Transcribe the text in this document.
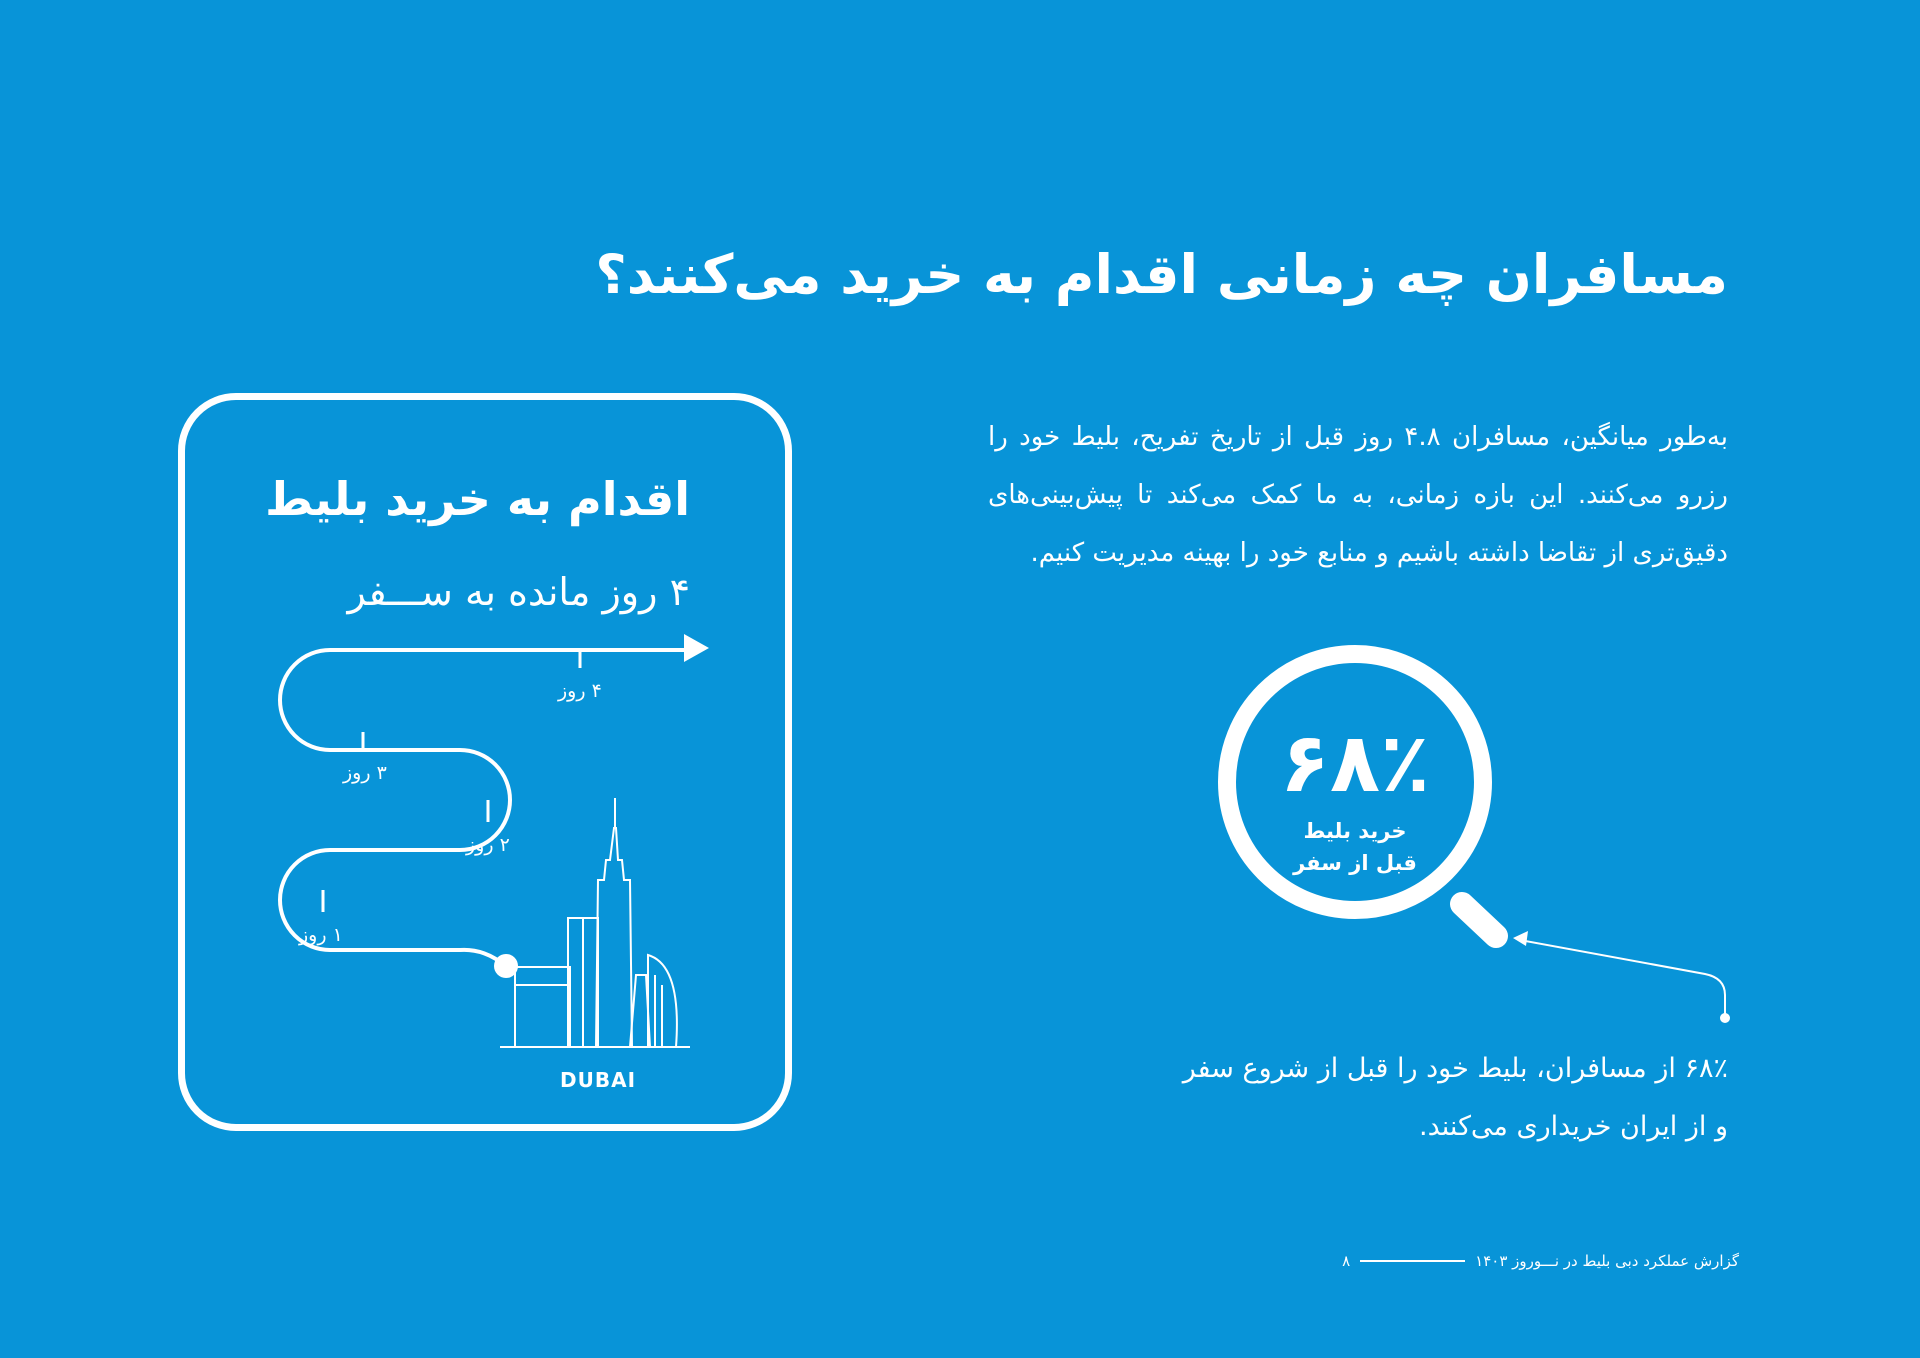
مسافران چه زمانی اقدام به خرید می‌کنند؟
به‌طور میانگین، مسافران ۴.۸ روز قبل از تاریخ تفریح، بلیط خود را رزرو می‌کنند. این بازه زمانی، به ما کمک می‌کند تا پیش‌بینی‌های دقیق‌تری از تقاضا داشته باشیم و منابع خود را بهینه مدیریت کنیم.
اقدام به خرید بلیط
۴ روز مانده به ســـفر
۴ روز
۳ روز
۲ روز
۱ روز
DUBAI
۶۸٪
خرید بلیط
قبل از سفر
۶۸٪ از مسافران، بلیط خود را قبل از شروع سفر و از ایران خریداری می‌کنند.
گزارش عملکرد دبی بلیط در نـــوروز ۱۴۰۳
۸
